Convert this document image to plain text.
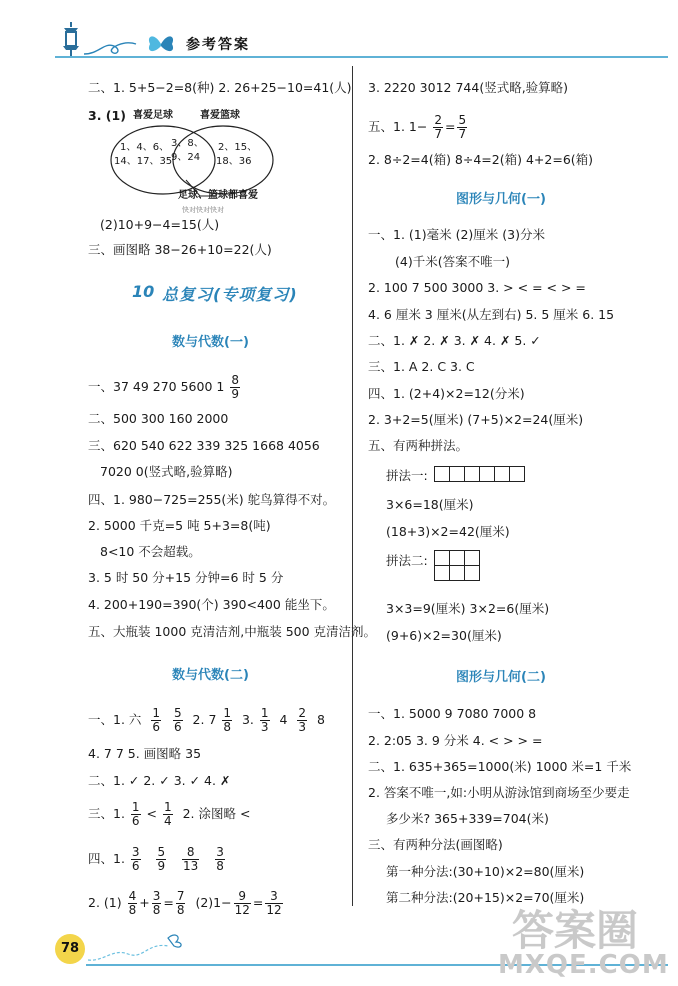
参考答案
二、1. 5+5−2=8(种) 2. 26+25−10=41(人)
3. (1) 喜爱足球	喜爱篮球
1、4、6、
14、17、35
3、8、
9、24
2、15、
18、36
足球、篮球都喜爱
快对快对快对
(2)10+9−4=15(人)
三、画图略 38−26+10=22(人)
10 总复习(专项复习)
数与代数(一)
一、37 49 270 5600 $1 \frac{8}{9}$
二、500 300 160 2000
三、620 540 622 339 325 1668 4056
7020 0(竖式略,验算略)
四、1. 980−725=255(米) 鸵鸟算得不对。
2. 5000 千克=5 吨 5+3=8(吨)
8<10 不会超载。
3. 5 时 50 分+15 分钟=6 时 5 分
4. 200+190=390(个) 390<400 能坐下。
五、大瓶装 1000 克清洁剂,中瓶装 500 克清洁剂。
数与代数(二)
一、1. 六 $\frac{1}{6}$
$\frac{5}{6} 2$. $7 \frac{1}{8} 3$. $\frac{1}{3} 4 \frac{2}{3} 8$
4. 7 7 5. 画图略 35
二、1. ✓ 2. ✓ 3. ✓ 4. ✗
三、1. $\frac{1}{6} < \frac{1}{4} 2$. 涂图略 <
四、1. $\frac{3}{6}$
$\frac{5}{9}$
$\frac{8}{13}$
$\frac{3}{8}$
2. $(1) \frac{4}{8} + \frac{3}{8} = \frac{7}{8} (2)1- \frac{9}{12} = \frac{3}{12}$
3. 2220 3012 744(竖式略,验算略)
五、1. $1- \frac{2}{7} = \frac{5}{7}$
2. 8÷2=4(箱) 8÷4=2(箱) 4+2=6(箱)
图形与几何(一)
一、1. (1)毫米 (2)厘米 (3)分米
(4)千米(答案不唯一)
2. 100 7 500 3000 3. > < = < > =
4. 6 厘米 3 厘米(从左到右) 5. 5 厘米 6. 15
二、1. ✗ 2. ✗ 3. ✗ 4. ✗ 5. ✓
三、1. A 2. C 3. C
四、1. (2+4)×2=12(分米)
2. 3+2=5(厘米) (7+5)×2=24(厘米)
五、有两种拼法。
拼法一:

3×6=18(厘米)
(18+3)×2=42(厘米)
拼法二:

3×3=9(厘米) 3×2=6(厘米)
(9+6)×2=30(厘米)
图形与几何(二)
一、1. 5000 9 7080 7000 8
2. 2:05 3. 9 分米 4. < > > =
二、1. 635+365=1000(米) 1000 米=1 千米
2. 答案不唯一,如:小明从游泳馆到商场至少要走
多少米? 365+339=704(米)
三、有两种分法(画图略)
第一种分法:(30+10)×2=80(厘米)
第二种分法:(20+15)×2=70(厘米)
78	答案圈
MXQE.COM
